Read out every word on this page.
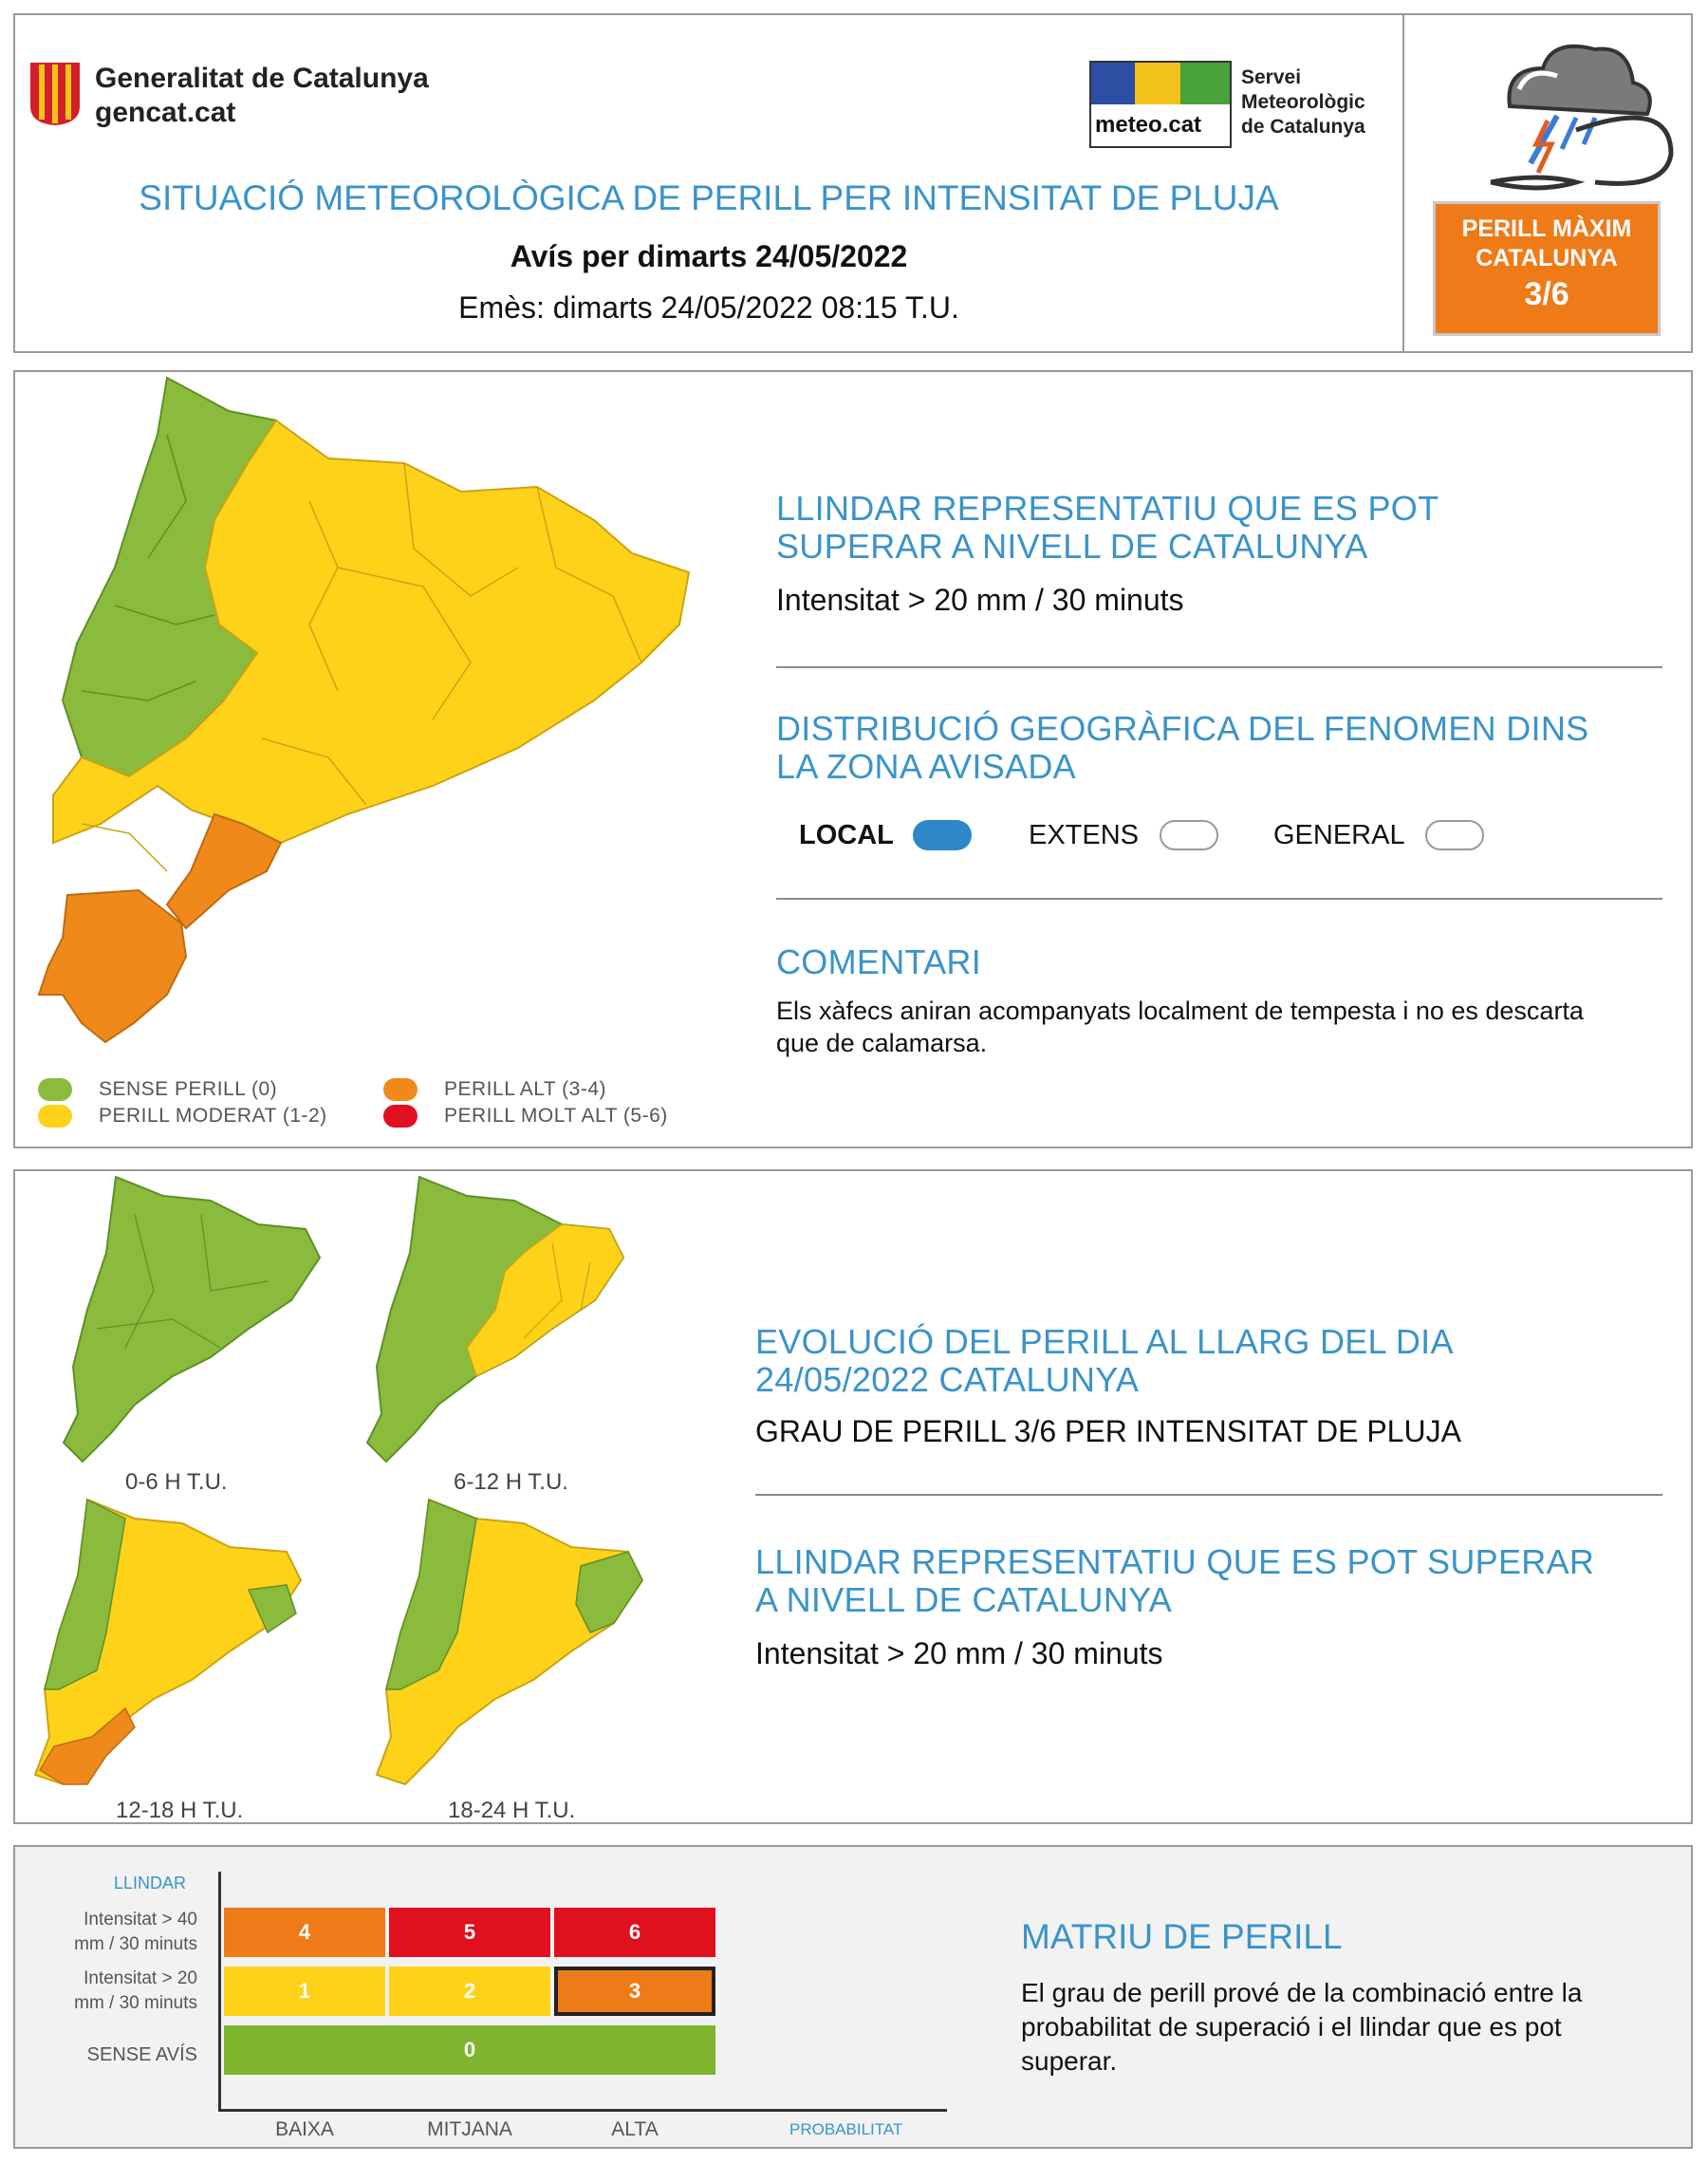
Generalitat de Catalunya
gencat.cat	meteo.cat
Servei
Meteorològic
de Catalunya
SITUACIÓ METEOROLÒGICA DE PERILL PER INTENSITAT DE PLUJA
Avís per dimarts 24/05/2022
Emès: dimarts 24/05/2022 08:15 T.U.
PERILL MÀXIM
CATALUNYA
3/6
SENSE PERILL (0)
PERILL MODERAT (1-2)
PERILL ALT (3-4)
PERILL MOLT ALT (5-6)
LLINDAR REPRESENTATIU QUE ES POT SUPERAR A NIVELL DE CATALUNYA
Intensitat > 20 mm / 30 minuts
DISTRIBUCIÓ GEOGRÀFICA DEL FENOMEN DINS LA ZONA AVISADA
LOCAL	EXTENS	GENERAL
COMENTARI
Els xàfecs aniran acompanyats localment de tempesta i no es descarta que de calamarsa.
0-6 H T.U.	6-12 H T.U.
12-18 H T.U.	18-24 H T.U.
EVOLUCIÓ DEL PERILL AL LLARG DEL DIA 24/05/2022 CATALUNYA
GRAU DE PERILL 3/6 PER INTENSITAT DE PLUJA
LLINDAR REPRESENTATIU QUE ES POT SUPERAR A NIVELL DE CATALUNYA
Intensitat > 20 mm / 30 minuts
LLINDAR
Intensitat > 40
mm / 30 minuts
Intensitat > 20
mm / 30 minuts
SENSE AVÍS
4	5	6
1	2	3
0
BAIXA	MITJANA	ALTA	PROBABILITAT
MATRIU DE PERILL
El grau de perill prové de la combinació entre la probabilitat de superació i el llindar que es pot superar.
